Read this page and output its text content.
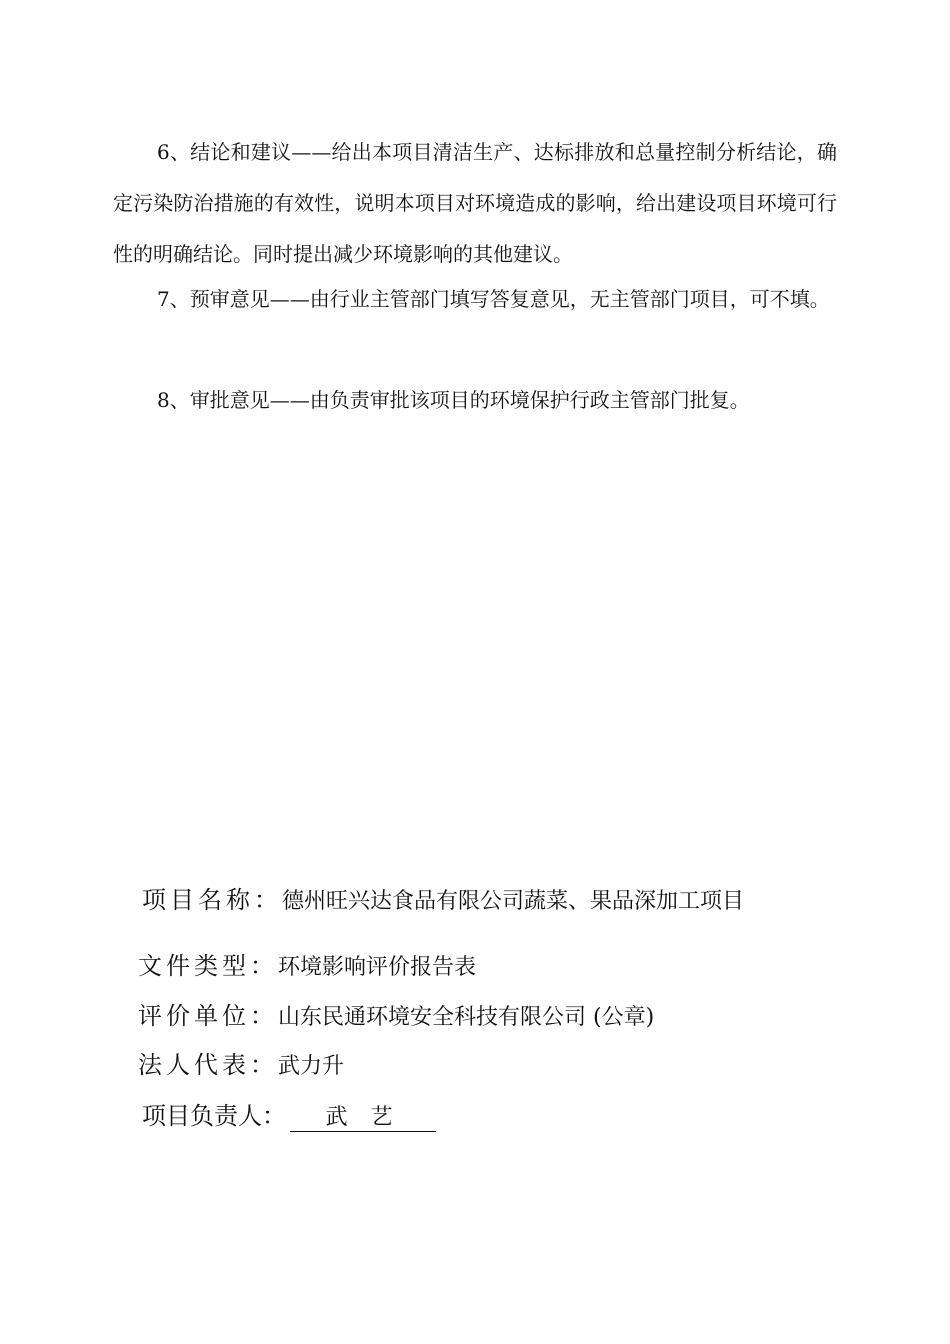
6、结论和建议——给出本项目清洁生产、达标排放和总量控制分析结论，确定污染防治措施的有效性，说明本项目对环境造成的影响，给出建设项目环境可行性的明确结论。同时提出减少环境影响的其他建议。

7、预审意见——由行业主管部门填写答复意见，无主管部门项目，可不填。

8、审批意见——由负责审批该项目的环境保护行政主管部门批复。

项目名称：德州旺兴达食品有限公司蔬菜、果品深加工项目
文件类型：环境影响评价报告表
评价单位：山东民通环境安全科技有限公司 (公章)
法人代表：武力升
项目负责人： 武 艺
